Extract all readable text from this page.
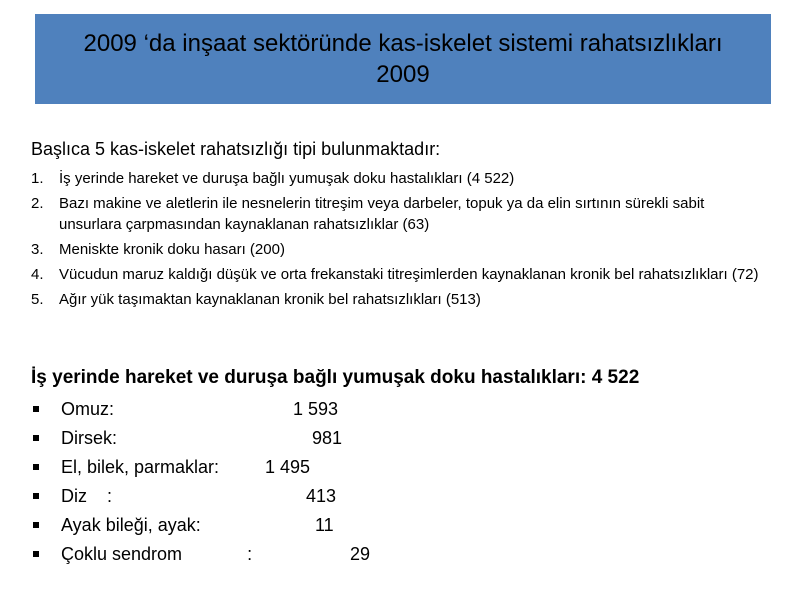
2009 ‘da inşaat sektöründe kas-iskelet sistemi rahatsızlıkları
2009
Başlıca 5 kas-iskelet rahatsızlığı tipi bulunmaktadır:
1. İş yerinde hareket ve duruşa bağlı yumuşak doku hastalıkları (4 522)
2. Bazı makine ve aletlerin ile nesnelerin titreşim veya darbeler, topuk ya da elin sırtının sürekli sabit unsurlara çarpmasından kaynaklanan rahatsızlıklar (63)
3. Meniskte kronik doku hasarı (200)
4. Vücudun maruz kaldığı düşük ve orta frekanstaki titreşimlerden kaynaklanan kronik bel rahatsızlıkları (72)
5. Ağır yük taşımaktan kaynaklanan kronik bel rahatsızlıkları (513)
İş yerinde hareket ve duruşa bağlı yumuşak doku hastalıkları: 4 522
Omuz:	1 593
Dirsek:	981
El, bilek, parmaklar:	1 495
Diz    :	413
Ayak bileği, ayak:	11
Çoklu sendrom             :	29
